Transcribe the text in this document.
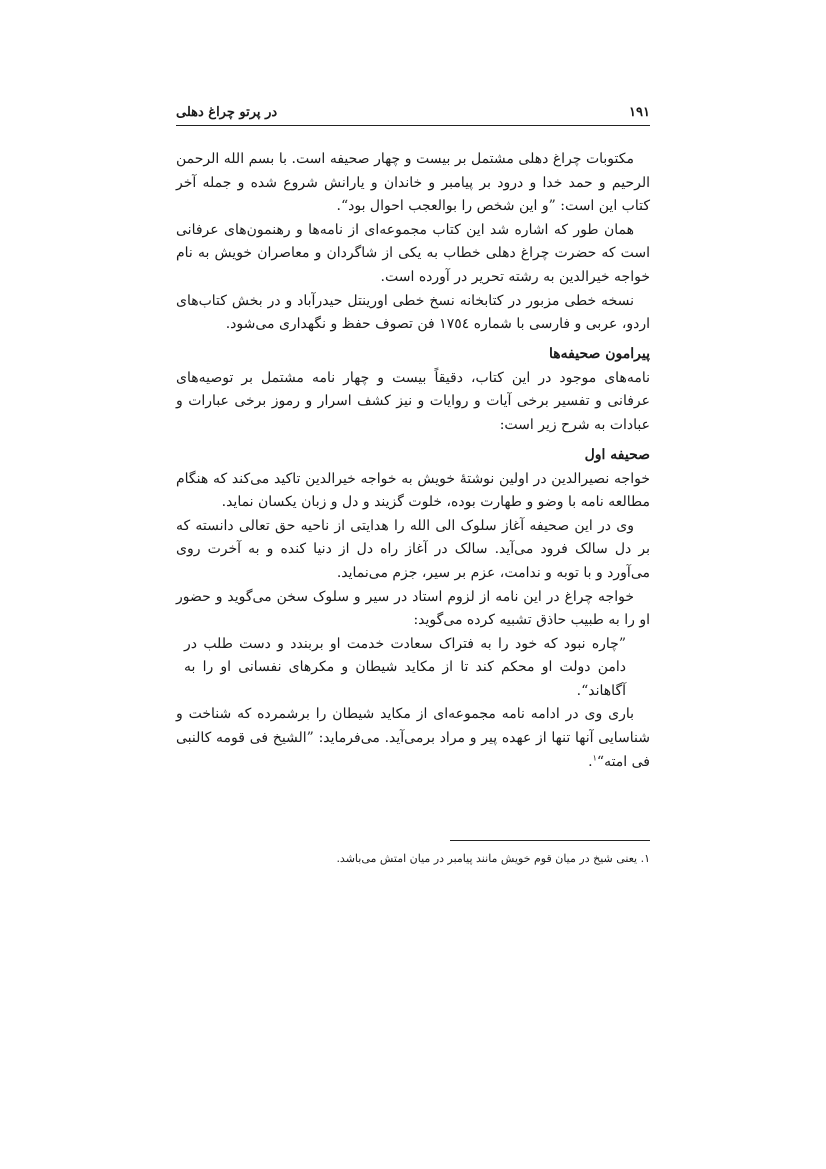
١٩١
در پرتو چراغ دهلی

مکتوبات چراغ دهلی مشتمل بر بیست و چهار صحیفه است. با بسم الله الرحمن الرحیم و حمد خدا و درود بر پیامبر و خاندان و یارانش شروع شده و جمله آخر کتاب این است: ”و این شخص را بوالعجب احوال بود“.

همان طور که اشاره شد این کتاب مجموعه‌ای از نامه‌ها و رهنمون‌های عرفانی است که حضرت چراغ دهلی خطاب به یکی از شاگردان و معاصران خویش به نام خواجه خیرالدین به رشته تحریر در آورده است.

نسخه خطی مزبور در کتابخانه نسخ خطی اورینتل حیدرآباد و در بخش کتاب‌های اردو، عربی و فارسی با شماره ١٧٥٤ فن تصوف حفظ و نگهداری می‌شود.

پیرامون صحیفه‌ها

نامه‌های موجود در این کتاب، دقیقاً بیست و چهار نامه مشتمل بر توصیه‌های عرفانی و تفسیر برخی آیات و روایات و نیز کشف اسرار و رموز برخی عبارات و عبادات به شرح زیر است:

صحیفه اول

خواجه نصیرالدین در اولین نوشتهٔ خویش به خواجه خیرالدین تاکید می‌کند که هنگام مطالعه نامه با وضو و طهارت بوده، خلوت گزیند و دل و زبان یکسان نماید.

وی در این صحیفه آغاز سلوک الی الله را هدایتی از ناحیه حق تعالی دانسته که بر دل سالک فرود می‌آید. سالک در آغاز راه دل از دنیا کنده و به آخرت روی می‌آورد و با توبه و ندامت، عزم بر سیر، جزم می‌نماید.

خواجه چراغ در این نامه از لزوم استاد در سیر و سلوک سخن می‌گوید و حضور او را به طبیب حاذق تشبیه کرده می‌گوید:

”چاره نبود که خود را به فتراک سعادت خدمت او بربندد و دست طلب در دامن دولت او محکم کند تا از مکاید شیطان و مکرهای نفسانی او را به آگاهاند“.

باری وی در ادامه نامه مجموعه‌ای از مکاید شیطان را برشمرده که شناخت و شناسایی آنها تنها از عهده پیر و مراد برمی‌آید. می‌فرماید: ”الشیخ فی قومه کالنبی فی امته“$^١$.

١. یعنی شیخ در میان قوم خویش مانند پیامبر در میان امتش می‌باشد.
